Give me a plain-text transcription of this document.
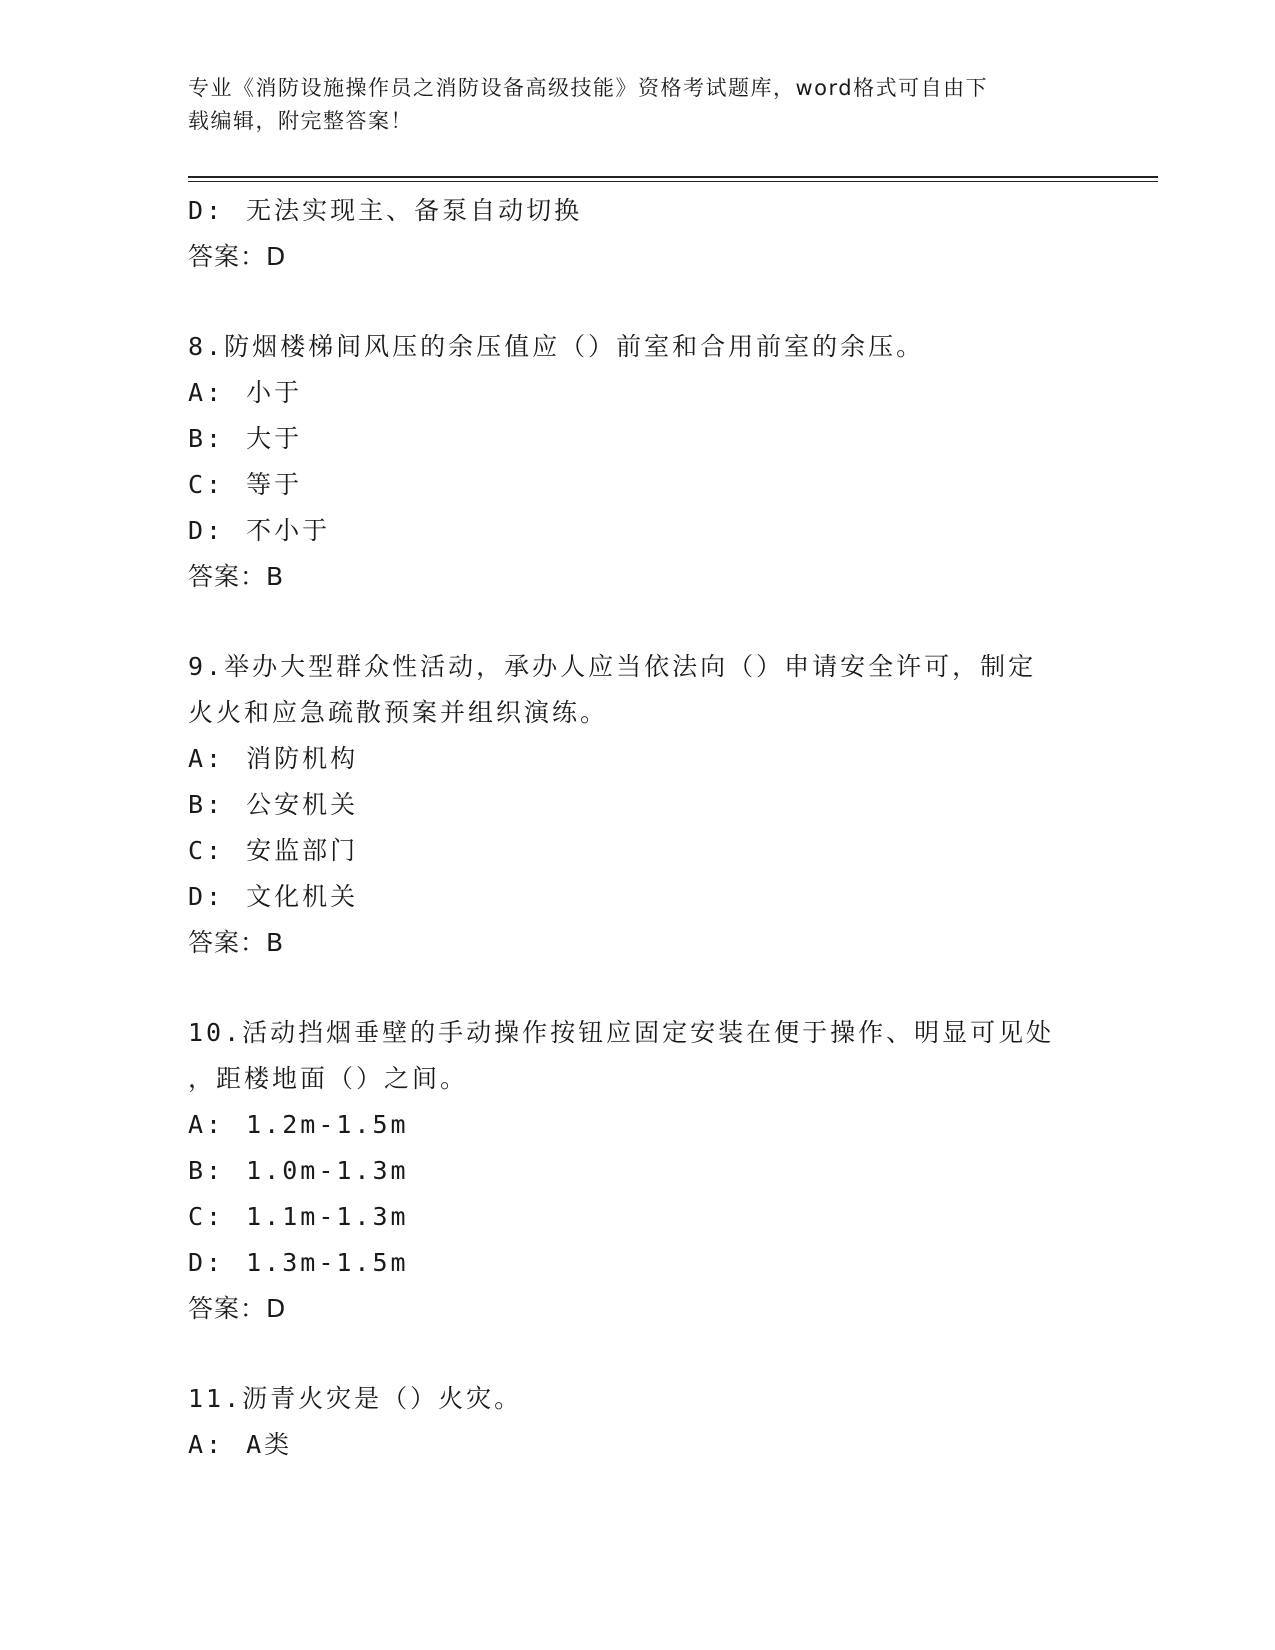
专业《消防设施操作员之消防设备高级技能》资格考试题库，word格式可自由下
载编辑，附完整答案！
D: 无法实现主、备泵自动切换
答案：D
8.防烟楼梯间风压的余压值应（）前室和合用前室的余压。
A: 小于
B: 大于
C: 等于
D: 不小于
答案：B
9.举办大型群众性活动，承办人应当依法向（）申请安全许可，制定
火火和应急疏散预案并组织演练。
A: 消防机构
B: 公安机关
C: 安监部门
D: 文化机关
答案：B
10.活动挡烟垂壁的手动操作按钮应固定安装在便于操作、明显可见处
，距楼地面（）之间。
A: 1.2m-1.5m
B: 1.0m-1.3m
C: 1.1m-1.3m
D: 1.3m-1.5m
答案：D
11.沥青火灾是（）火灾。
A: A类
